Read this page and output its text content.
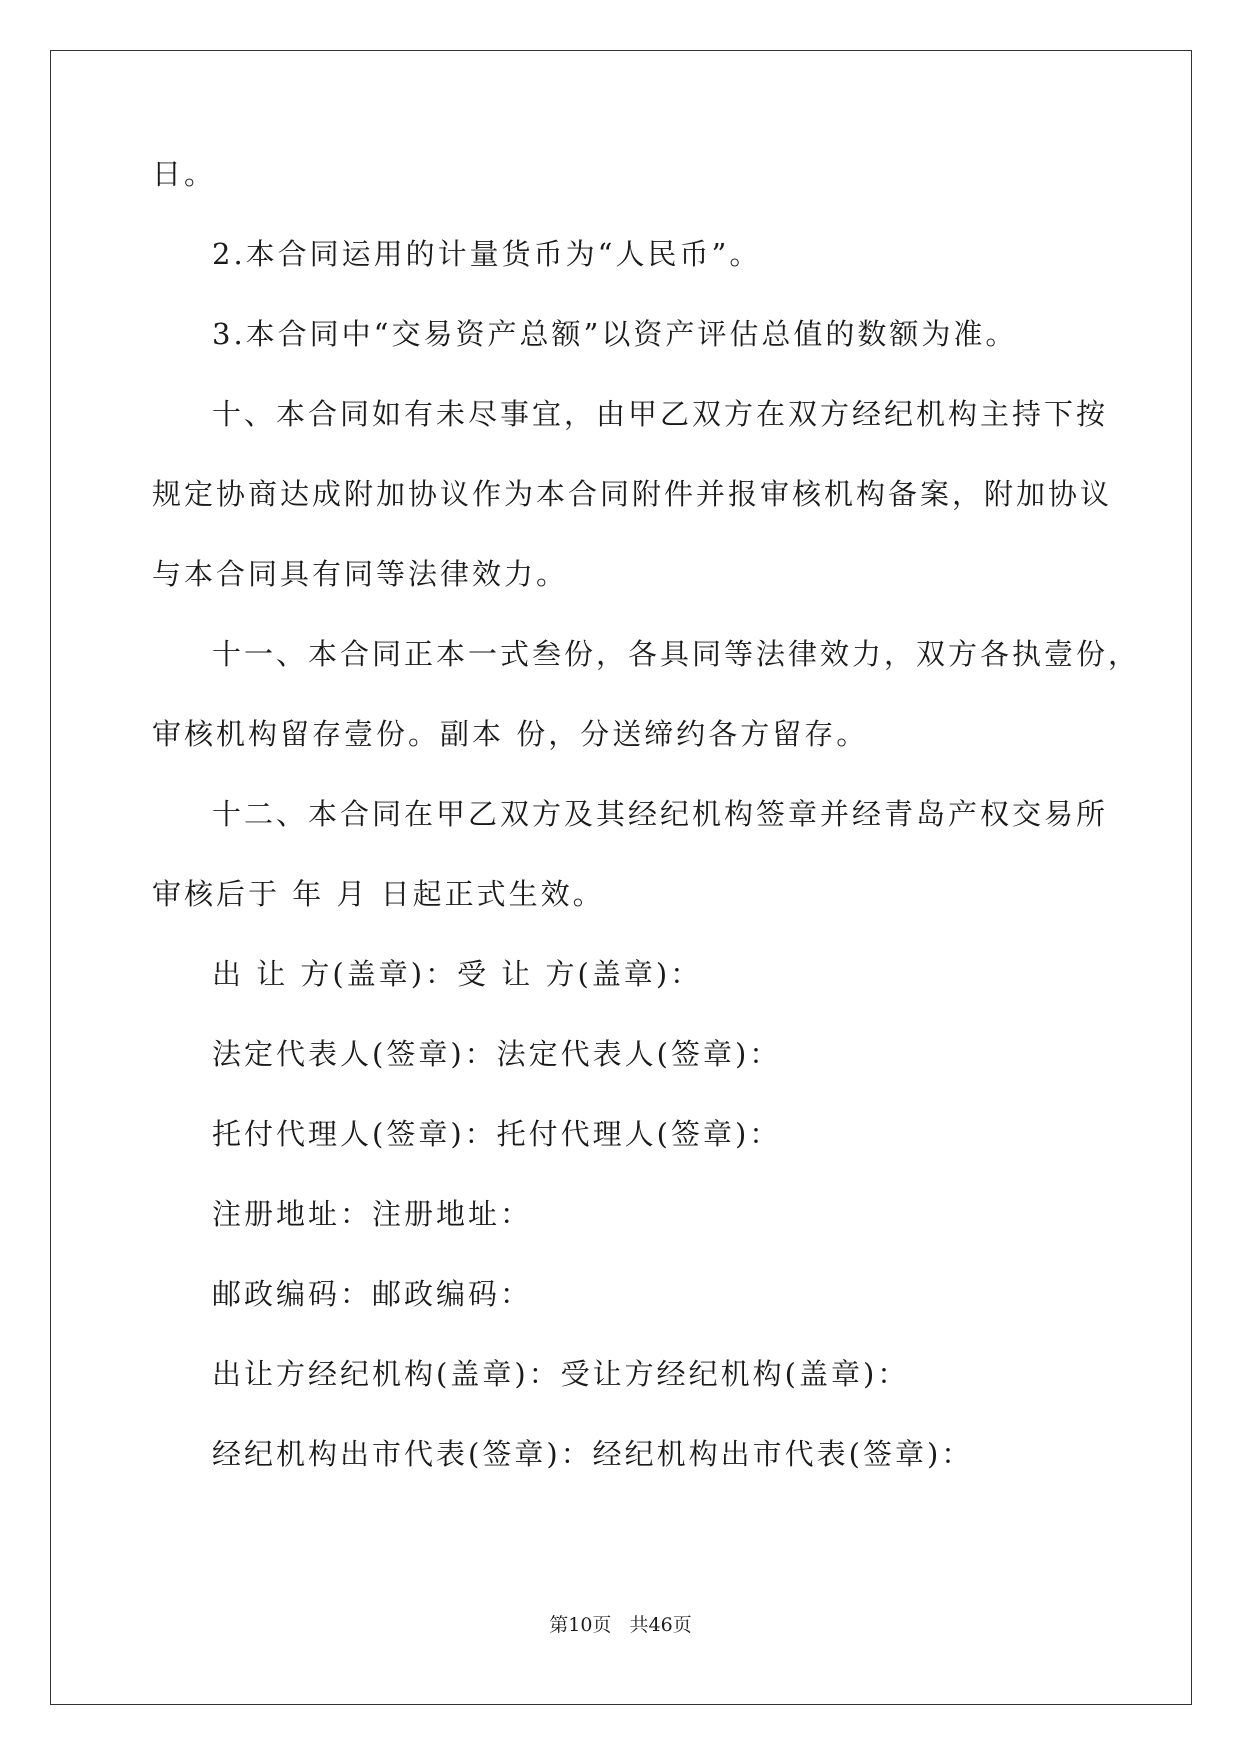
日。
2.本合同运用的计量货币为“人民币”。
3.本合同中“交易资产总额”以资产评估总值的数额为准。
十、本合同如有未尽事宜，由甲乙双方在双方经纪机构主持下按
规定协商达成附加协议作为本合同附件并报审核机构备案，附加协议
与本合同具有同等法律效力。
十一、本合同正本一式叁份，各具同等法律效力，双方各执壹份，
审核机构留存壹份。副本 份，分送缔约各方留存。
十二、本合同在甲乙双方及其经纪机构签章并经青岛产权交易所
审核后于 年 月 日起正式生效。
出 让 方(盖章)：受 让 方(盖章)：
法定代表人(签章)：法定代表人(签章)：
托付代理人(签章)：托付代理人(签章)：
注册地址：注册地址：
邮政编码：邮政编码：
出让方经纪机构(盖章)：受让方经纪机构(盖章)：
经纪机构出市代表(签章)：经纪机构出市代表(签章)：
第10页   共46页
